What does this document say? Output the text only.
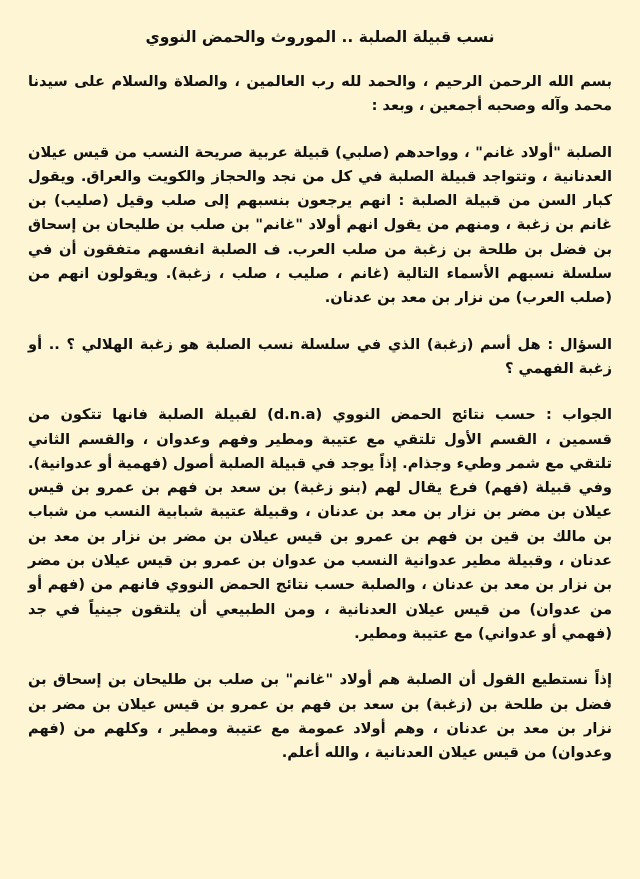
نسب قبيلة الصلبة .. الموروث والحمض النووي

بسم الله الرحمن الرحيم ، والحمد لله رب العالمين ، والصلاة والسلام على سيدنا محمد وآله وصحبه أجمعين ، وبعد :

الصلبة "أولاد غانم" ، وواحدهم (صلبي) قبيلة عربية صريحة النسب من قيس عيلان العدنانية ، وتتواجد قبيلة الصلبة في كل من نجد والحجاز والكويت والعراق. ويقول كبار السن من قبيلة الصلبة : انهم يرجعون بنسبهم إلى صلب وقيل (صليب) بن غانم بن زغبة ، ومنهم من يقول انهم أولاد "غانم" بن صلب بن طليحان بن إسحاق بن فضل بن طلحة بن زغبة من صلب العرب. ف الصلبة انفسهم متفقون أن في سلسلة نسبهم الأسماء التالية (غانم ، صليب ، صلب ، زغبة). ويقولون انهم من (صلب العرب) من نزار بن معد بن عدنان.

السؤال : هل أسم (زغبة) الذي في سلسلة نسب الصلبة هو زغبة الهلالي ؟ .. أو زغبة الفهمي ؟

الجواب : حسب نتائج الحمض النووي (d.n.a) لقبيلة الصلبة فانها تتكون من قسمين ، القسم الأول تلتقي مع عتيبة ومطير وفهم وعدوان ، والقسم الثاني تلتقي مع شمر وطيء وجذام. إذاً يوجد في قبيلة الصلبة أصول (فهمية أو عدوانية). وفي قبيلة (فهم) فرع يقال لهم (بنو زغبة) بن سعد بن فهم بن عمرو بن قيس عيلان بن مضر بن نزار بن معد بن عدنان ، وقبيلة عتيبة شبابية النسب من شباب بن مالك بن قين بن فهم بن عمرو بن قيس عيلان بن مضر بن نزار بن معد بن عدنان ، وقبيلة مطير عدوانية النسب من عدوان بن عمرو بن قيس عيلان بن مضر بن نزار بن معد بن عدنان ، والصلبة حسب نتائج الحمض النووي فانهم من (فهم أو من عدوان) من قيس عيلان العدنانية ، ومن الطبيعي أن يلتقون جينياً في جد (فهمي أو عدواني) مع عتيبة ومطير.

إذاً نستطيع القول أن الصلبة هم أولاد "غانم" بن صلب بن طليحان بن إسحاق بن فضل بن طلحة بن (زغبة) بن سعد بن فهم بن عمرو بن قيس عيلان بن مضر بن نزار بن معد بن عدنان ، وهم أولاد عمومة مع عتيبة ومطير ، وكلهم من (فهم وعدوان) من قيس عيلان العدنانية ، والله أعلم.
